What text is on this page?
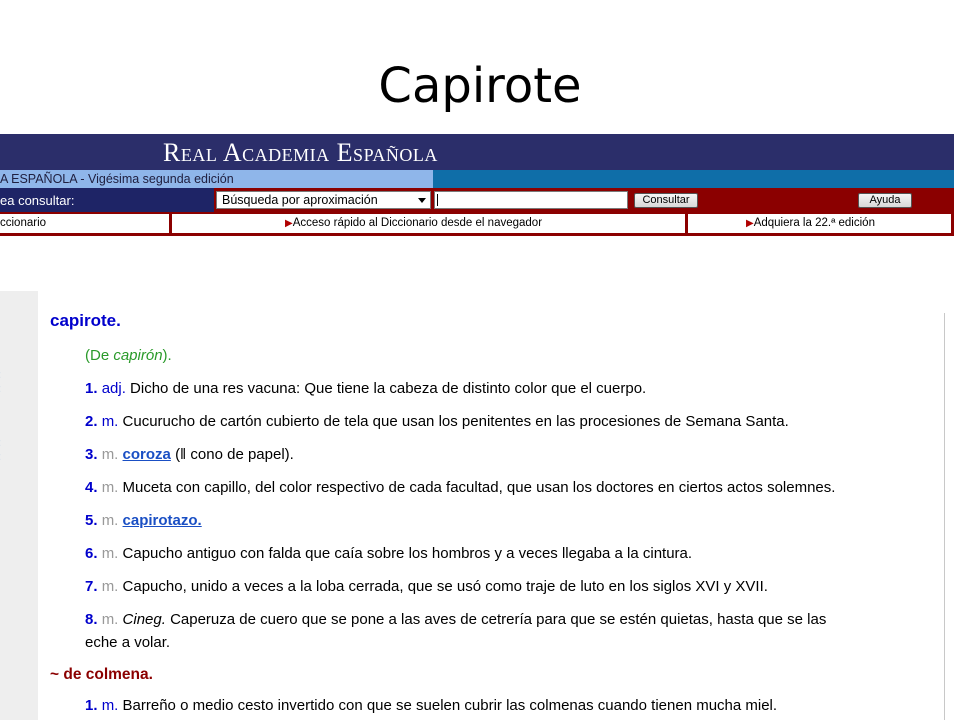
Capirote
Real Academia Española
A ESPAÑOLA - Vigésima segunda edición
ea consultar:	Búsqueda por aproximación	Consultar	Ayuda
ccionario	▶Acceso rápido al Diccionario desde el navegador	▶Adquiera la 22.ª edición
capirote.
(De capirón).
1. adj. Dicho de una res vacuna: Que tiene la cabeza de distinto color que el cuerpo.
2. m. Cucurucho de cartón cubierto de tela que usan los penitentes en las procesiones de Semana Santa.
3. m. coroza (‖ cono de papel).
4. m. Muceta con capillo, del color respectivo de cada facultad, que usan los doctores en ciertos actos solemnes.
5. m. capirotazo.
6. m. Capucho antiguo con falda que caía sobre los hombros y a veces llegaba a la cintura.
7. m. Capucho, unido a veces a la loba cerrada, que se usó como traje de luto en los siglos XVI y XVII.
8. m. Cineg. Caperuza de cuero que se pone a las aves de cetrería para que se estén quietas, hasta que se las
eche a volar.
~ de colmena.
1. m. Barreño o medio cesto invertido con que se suelen cubrir las colmenas cuando tienen mucha miel.
